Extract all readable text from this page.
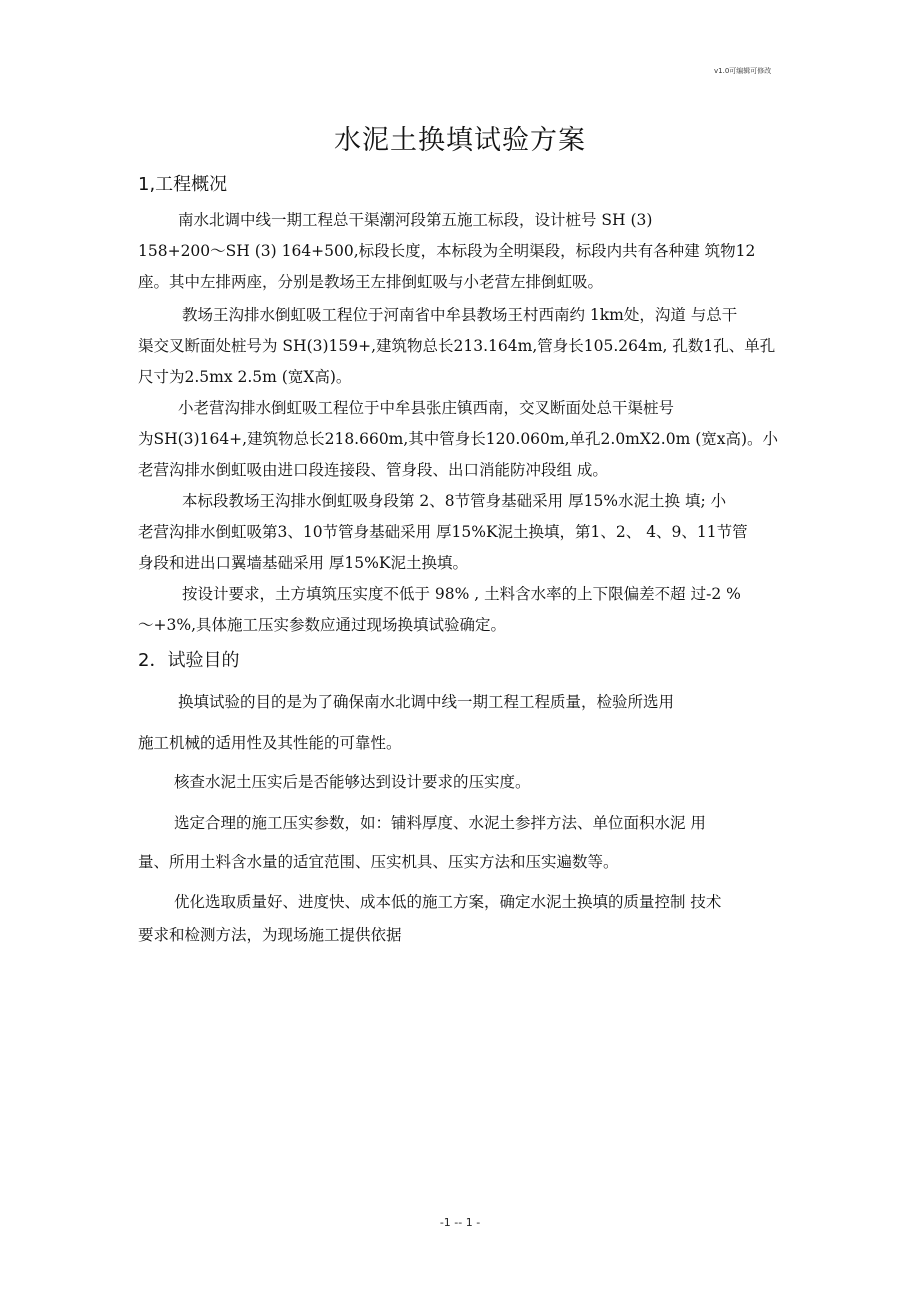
v1.0可编辑可修改
水泥土换填试验方案
1,工程概况
南水北调中线一期工程总干渠潮河段第五施工标段，设计桩号 SH (3)
158+200～SH (3) 164+500,标段长度，本标段为全明渠段，标段内共有各种建 筑物12
座。其中左排两座，分别是教场王左排倒虹吸与小老营左排倒虹吸。
教场王沟排水倒虹吸工程位于河南省中牟县教场王村西南约 1km处，沟道 与总干
渠交叉断面处桩号为 SH(3)159+,建筑物总长213.164m,管身长105.264m, 孔数1孔、单孔
尺寸为2.5mx 2.5m (宽X高)。
小老营沟排水倒虹吸工程位于中牟县张庄镇西南，交叉断面处总干渠桩号
为SH(3)164+,建筑物总长218.660m,其中管身长120.060m,单孔2.0mX2.0m (宽x高)。小
老营沟排水倒虹吸由进口段连接段、管身段、出口消能防冲段组 成。
本标段教场王沟排水倒虹吸身段第 2、8节管身基础采用 厚15%水泥土换 填; 小
老营沟排水倒虹吸第3、10节管身基础采用 厚15%K泥土换填，第1、2、 4、9、11节管
身段和进出口翼墙基础采用 厚15%K泥土换填。
按设计要求，土方填筑压实度不低于 98% , 土料含水率的上下限偏差不超 过-2 %
～+3%,具体施工压实参数应通过现场换填试验确定。
2．试验目的
换填试验的目的是为了确保南水北调中线一期工程工程质量，检验所选用
施工机械的适用性及其性能的可靠性。
核查水泥土压实后是否能够达到设计要求的压实度。
选定合理的施工压实参数，如：铺料厚度、水泥土参拌方法、单位面积水泥 用
量、所用土料含水量的适宜范围、压实机具、压实方法和压实遍数等。
优化选取质量好、进度快、成本低的施工方案，确定水泥土换填的质量控制 技术
要求和检测方法，为现场施工提供依据
-1 -- 1 -
